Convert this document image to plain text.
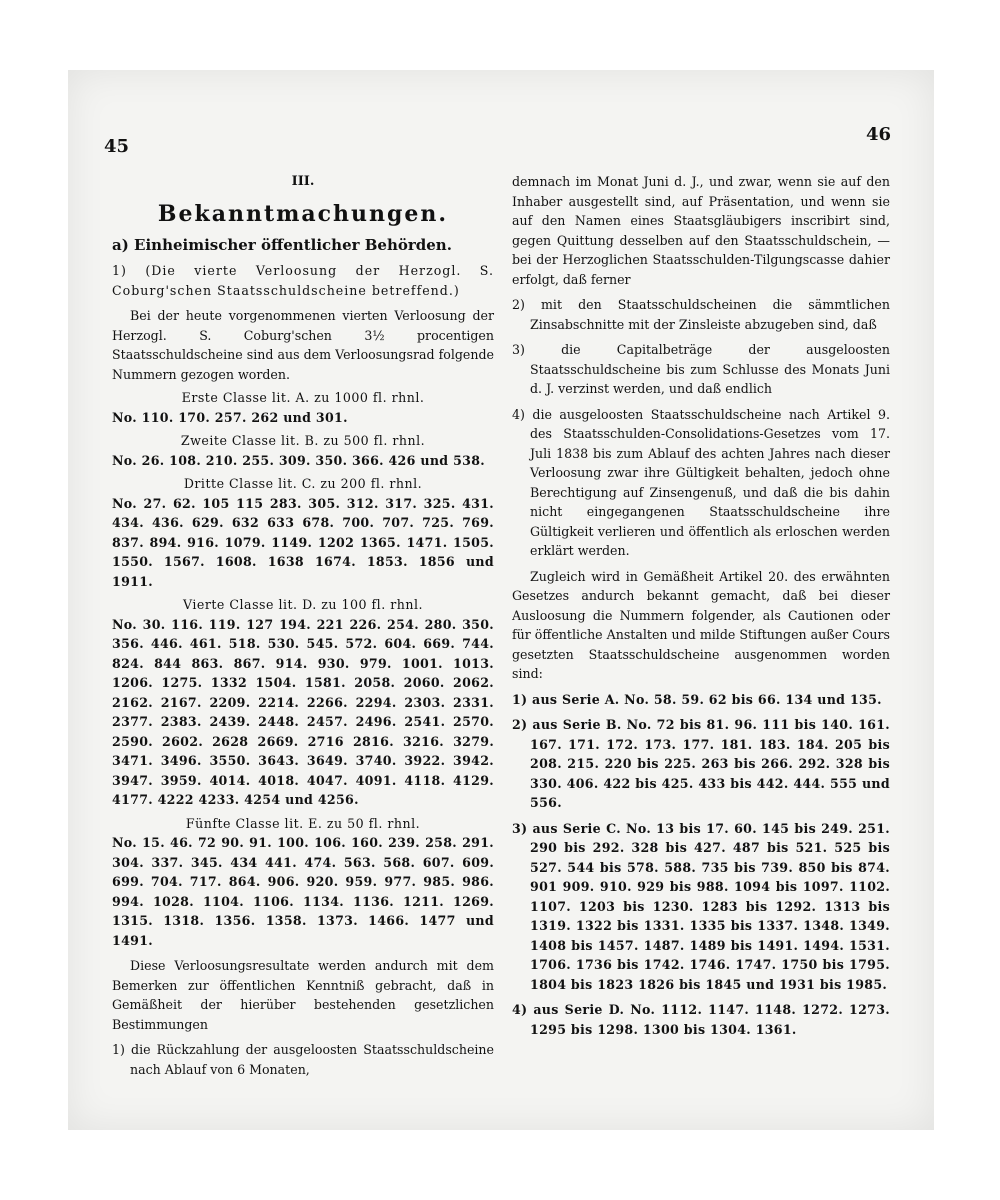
45
46

III.

Bekanntmachungen.

a) Einheimischer öffentlicher Behörden.

1) (Die vierte Verloosung der Herzogl. S. Coburg'schen Staatsschuldscheine betreffend.)

Bei der heute vorgenommenen vierten Verloosung der Herzogl. S. Coburg'schen 3½ procentigen Staatsschuldscheine sind aus dem Verloosungsrad folgende Nummern gezogen worden.

Erste Classe lit. A. zu 1000 fl. rhnl.

No. 110. 170. 257. 262 und 301.

Zweite Classe lit. B. zu 500 fl. rhnl.

No. 26. 108. 210. 255. 309. 350. 366. 426 und 538.

Dritte Classe lit. C. zu 200 fl. rhnl.

No. 27. 62. 105 115 283. 305. 312. 317. 325. 431. 434. 436. 629. 632 633 678. 700. 707. 725. 769. 837. 894. 916. 1079. 1149. 1202 1365. 1471. 1505. 1550. 1567. 1608. 1638 1674. 1853. 1856 und 1911.

Vierte Classe lit. D. zu 100 fl. rhnl.

No. 30. 116. 119. 127 194. 221 226. 254. 280. 350. 356. 446. 461. 518. 530. 545. 572. 604. 669. 744. 824. 844 863. 867. 914. 930. 979. 1001. 1013. 1206. 1275. 1332 1504. 1581. 2058. 2060. 2062. 2162. 2167. 2209. 2214. 2266. 2294. 2303. 2331. 2377. 2383. 2439. 2448. 2457. 2496. 2541. 2570. 2590. 2602. 2628 2669. 2716 2816. 3216. 3279. 3471. 3496. 3550. 3643. 3649. 3740. 3922. 3942. 3947. 3959. 4014. 4018. 4047. 4091. 4118. 4129. 4177. 4222 4233. 4254 und 4256.

Fünfte Classe lit. E. zu 50 fl. rhnl.

No. 15. 46. 72 90. 91. 100. 106. 160. 239. 258. 291. 304. 337. 345. 434 441. 474. 563. 568. 607. 609. 699. 704. 717. 864. 906. 920. 959. 977. 985. 986. 994. 1028. 1104. 1106. 1134. 1136. 1211. 1269. 1315. 1318. 1356. 1358. 1373. 1466. 1477 und 1491.

Diese Verloosungsresultate werden andurch mit dem Bemerken zur öffentlichen Kenntniß gebracht, daß in Gemäßheit der hierüber bestehenden gesetzlichen Bestimmungen

1) die Rückzahlung der ausgeloosten Staatsschuldscheine nach Ablauf von 6 Monaten,

demnach im Monat Juni d. J., und zwar, wenn sie auf den Inhaber ausgestellt sind, auf Präsentation, und wenn sie auf den Namen eines Staatsgläubigers inscribirt sind, gegen Quittung desselben auf den Staatsschuldschein, — bei der Herzoglichen Staatsschulden-Tilgungscasse dahier erfolgt, daß ferner

2) mit den Staatsschuldscheinen die sämmtlichen Zinsabschnitte mit der Zinsleiste abzugeben sind, daß

3) die Capitalbeträge der ausgeloosten Staatsschuldscheine bis zum Schlusse des Monats Juni d. J. verzinst werden, und daß endlich

4) die ausgeloosten Staatsschuldscheine nach Artikel 9. des Staatsschulden-Consolidations-Gesetzes vom 17. Juli 1838 bis zum Ablauf des achten Jahres nach dieser Verloosung zwar ihre Gültigkeit behalten, jedoch ohne Berechtigung auf Zinsengenuß, und daß die bis dahin nicht eingegangenen Staatsschuldscheine ihre Gültigkeit verlieren und öffentlich als erloschen werden erklärt werden.

Zugleich wird in Gemäßheit Artikel 20. des erwähnten Gesetzes andurch bekannt gemacht, daß bei dieser Ausloosung die Nummern folgender, als Cautionen oder für öffentliche Anstalten und milde Stiftungen außer Cours gesetzten Staatsschuldscheine ausgenommen worden sind:

1) aus Serie A. No. 58. 59. 62 bis 66. 134 und 135.

2) aus Serie B. No. 72 bis 81. 96. 111 bis 140. 161. 167. 171. 172. 173. 177. 181. 183. 184. 205 bis 208. 215. 220 bis 225. 263 bis 266. 292. 328 bis 330. 406. 422 bis 425. 433 bis 442. 444. 555 und 556.

3) aus Serie C. No. 13 bis 17. 60. 145 bis 249. 251. 290 bis 292. 328 bis 427. 487 bis 521. 525 bis 527. 544 bis 578. 588. 735 bis 739. 850 bis 874. 901 909. 910. 929 bis 988. 1094 bis 1097. 1102. 1107. 1203 bis 1230. 1283 bis 1292. 1313 bis 1319. 1322 bis 1331. 1335 bis 1337. 1348. 1349. 1408 bis 1457. 1487. 1489 bis 1491. 1494. 1531. 1706. 1736 bis 1742. 1746. 1747. 1750 bis 1795. 1804 bis 1823 1826 bis 1845 und 1931 bis 1985.

4) aus Serie D. No. 1112. 1147. 1148. 1272. 1273. 1295 bis 1298. 1300 bis 1304. 1361.
